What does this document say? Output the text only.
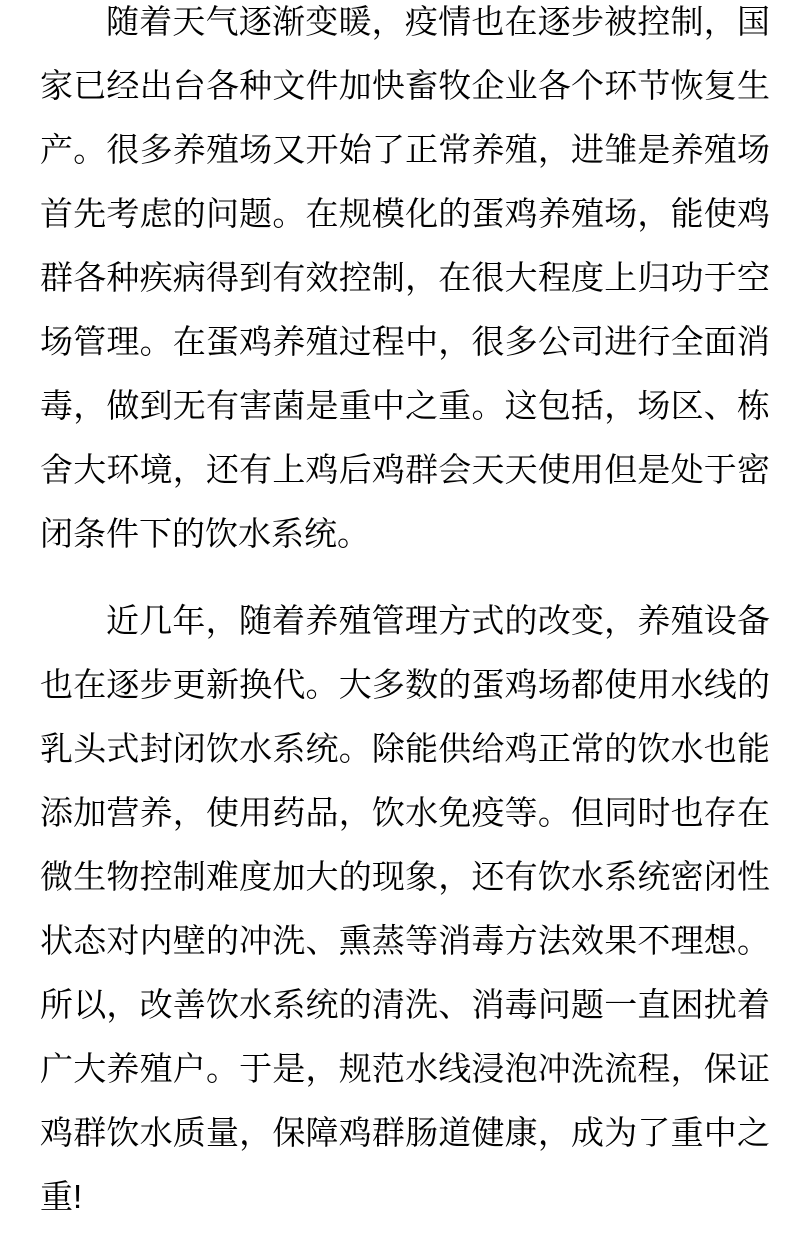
随着天气逐渐变暖，疫情也在逐步被控制，国
家已经出台各种文件加快畜牧企业各个环节恢复生
产。很多养殖场又开始了正常养殖，进雏是养殖场
首先考虑的问题。在规模化的蛋鸡养殖场，能使鸡
群各种疾病得到有效控制，在很大程度上归功于空
场管理。在蛋鸡养殖过程中，很多公司进行全面消
毒，做到无有害菌是重中之重。这包括，场区、栋
舍大环境，还有上鸡后鸡群会天天使用但是处于密
闭条件下的饮水系统。
近几年，随着养殖管理方式的改变，养殖设备
也在逐步更新换代。大多数的蛋鸡场都使用水线的
乳头式封闭饮水系统。除能供给鸡正常的饮水也能
添加营养，使用药品，饮水免疫等。但同时也存在
微生物控制难度加大的现象，还有饮水系统密闭性
状态对内壁的冲洗、熏蒸等消毒方法效果不理想。
所以，改善饮水系统的清洗、消毒问题一直困扰着
广大养殖户。于是，规范水线浸泡冲洗流程，保证
鸡群饮水质量，保障鸡群肠道健康，成为了重中之
重!
